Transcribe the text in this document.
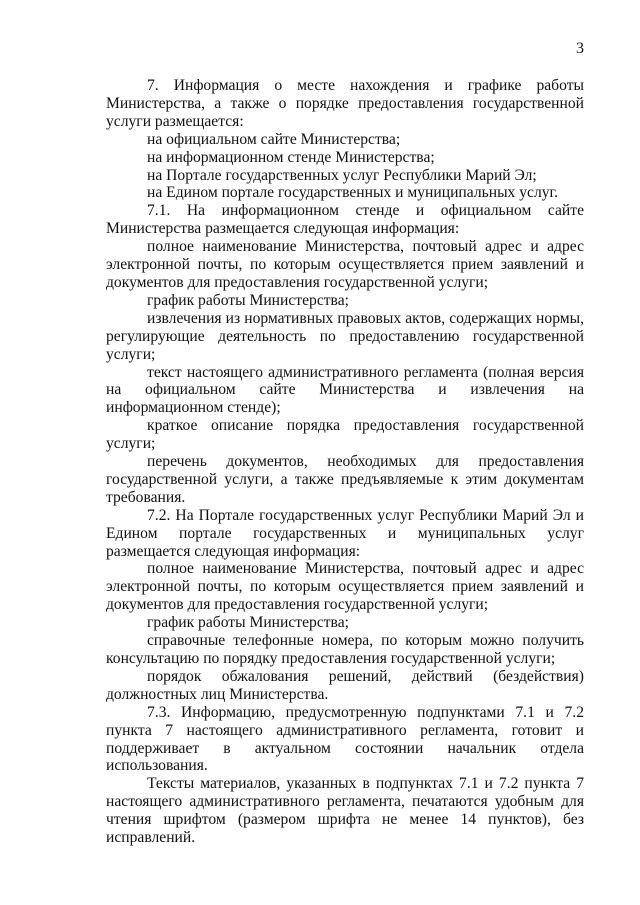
3

7. Информация о месте нахождения и графике работы Министерства, а также о порядке предоставления государственной услуги размещается:

на официальном сайте Министерства;

на информационном стенде Министерства;

на Портале государственных услуг Республики Марий Эл;

на Едином портале государственных и муниципальных услуг.

7.1. На информационном стенде и официальном сайте Министерства размещается следующая информация:

полное наименование Министерства, почтовый адрес и адрес электронной почты, по которым осуществляется прием заявлений и документов для предоставления государственной услуги;

график работы Министерства;

извлечения из нормативных правовых актов, содержащих нормы, регулирующие деятельность по предоставлению государственной услуги;

текст настоящего административного регламента (полная версия на официальном сайте Министерства и извлечения на информационном стенде);

краткое описание порядка предоставления государственной услуги;

перечень документов, необходимых для предоставления государственной услуги, а также предъявляемые к этим документам требования.

7.2. На Портале государственных услуг Республики Марий Эл и Едином портале государственных и муниципальных услуг размещается следующая информация:

полное наименование Министерства, почтовый адрес и адрес электронной почты, по которым осуществляется прием заявлений и документов для предоставления государственной услуги;

график работы Министерства;

справочные телефонные номера, по которым можно получить консультацию по порядку предоставления государственной услуги;

порядок обжалования решений, действий (бездействия) должностных лиц Министерства.

7.3. Информацию, предусмотренную подпунктами 7.1 и 7.2 пункта 7 настоящего административного регламента, готовит и поддерживает в актуальном состоянии начальник отдела использования.

Тексты материалов, указанных в подпунктах 7.1 и 7.2 пункта 7 настоящего административного регламента, печатаются удобным для чтения шрифтом (размером шрифта не менее 14 пунктов), без исправлений.
